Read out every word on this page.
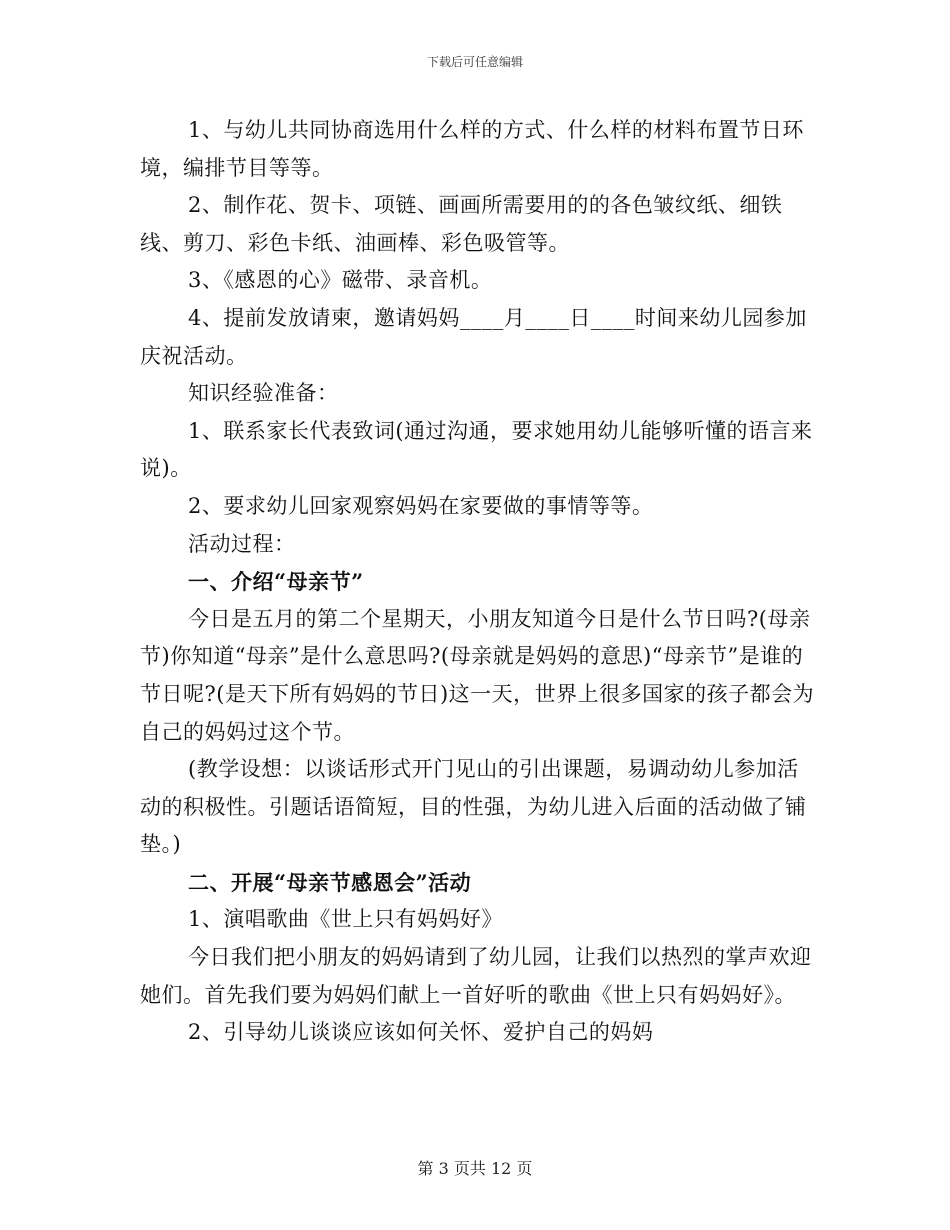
下载后可任意编辑

1、与幼儿共同协商选用什么样的方式、什么样的材料布置节日环境，编排节目等等。

2、制作花、贺卡、项链、画画所需要用的的各色皱纹纸、细铁线、剪刀、彩色卡纸、油画棒、彩色吸管等。

3、《感恩的心》磁带、录音机。

4、提前发放请柬，邀请妈妈____月____日____时间来幼儿园参加庆祝活动。

知识经验准备：

1、联系家长代表致词(通过沟通，要求她用幼儿能够听懂的语言来说)。

2、要求幼儿回家观察妈妈在家要做的事情等等。

活动过程：

一、介绍“母亲节”

今日是五月的第二个星期天，小朋友知道今日是什么节日吗?(母亲节)你知道“母亲”是什么意思吗?(母亲就是妈妈的意思)“母亲节”是谁的节日呢?(是天下所有妈妈的节日)这一天，世界上很多国家的孩子都会为自己的妈妈过这个节。

(教学设想：以谈话形式开门见山的引出课题，易调动幼儿参加活动的积极性。引题话语简短，目的性强，为幼儿进入后面的活动做了铺垫。)

二、开展“母亲节感恩会”活动

1、演唱歌曲《世上只有妈妈好》

今日我们把小朋友的妈妈请到了幼儿园，让我们以热烈的掌声欢迎她们。首先我们要为妈妈们献上一首好听的歌曲《世上只有妈妈好》。

2、引导幼儿谈谈应该如何关怀、爱护自己的妈妈

第 3 页共 12 页
